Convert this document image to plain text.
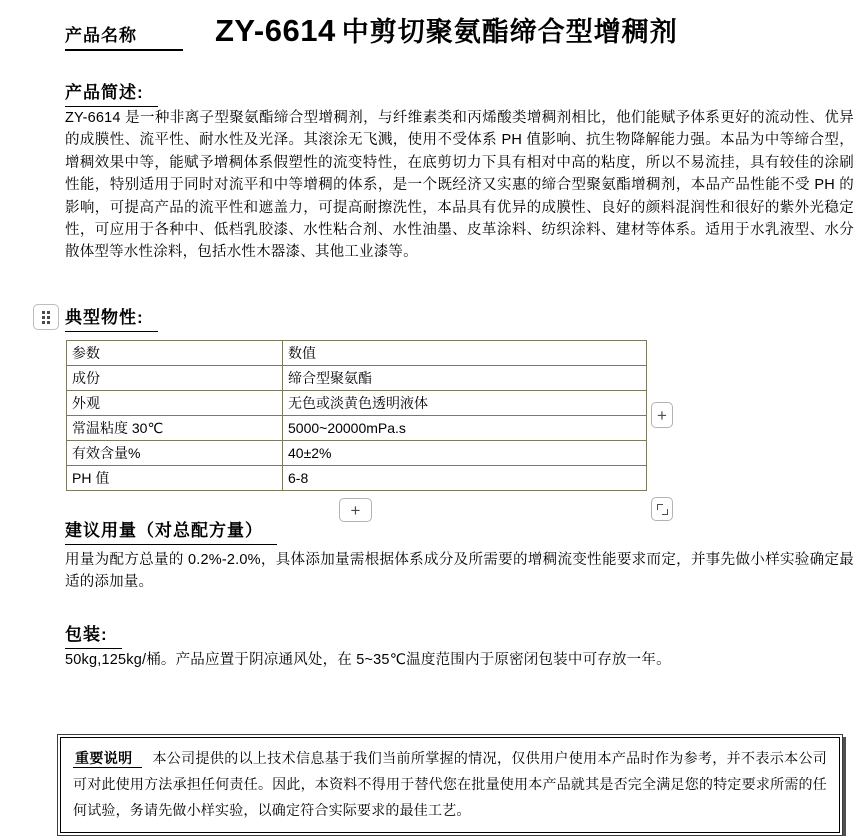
产品名称	ZY-6614 中剪切聚氨酯缔合型增稠剂
产品简述:

ZY-6614 是一种非离子型聚氨酯缔合型增稠剂，与纤维素类和丙烯酸类增稠剂相比，他们能赋予体系更好的流动性、优异的成膜性、流平性、耐水性及光泽。其滚涂无飞溅，使用不受体系 PH 值影响、抗生物降解能力强。本品为中等缔合型，增稠效果中等，能赋予增稠体系假塑性的流变特性，在底剪切力下具有相对中高的粘度，所以不易流挂，具有较佳的涂刷性能，特别适用于同时对流平和中等增稠的体系，是一个既经济又实惠的缔合型聚氨酯增稠剂，本品产品性能不受 PH 的影响，可提高产品的流平性和遮盖力，可提高耐擦洗性，本品具有优异的成膜性、良好的颜料混润性和很好的紫外光稳定性，可应用于各种中、低档乳胶漆、水性粘合剂、水性油墨、皮革涂料、纺织涂料、建材等体系。适用于水乳液型、水分散体型等水性涂料，包括水性木器漆、其他工业漆等。

典型物性:
参数	数值
成份	缔合型聚氨酯
外观	无色或淡黄色透明液体
常温粘度 30℃	5000~20000mPa.s
有效含量%	40±2%
PH 值	6-8
+
+
建议用量（对总配方量）

用量为配方总量的 0.2%-2.0%，具体添加量需根据体系成分及所需要的增稠流变性能要求而定，并事先做小样实验确定最适的添加量。

包装:

50kg,125kg/桶。产品应置于阴凉通风处，在 5~35℃温度范围内于原密闭包装中可存放一年。

重要说明 本公司提供的以上技术信息基于我们当前所掌握的情况，仅供用户使用本产品时作为参考，并不表示本公司可对此使用方法承担任何责任。因此，本资料不得用于替代您在批量使用本产品就其是否完全满足您的特定要求所需的任何试验，务请先做小样实验，以确定符合实际要求的最佳工艺。
